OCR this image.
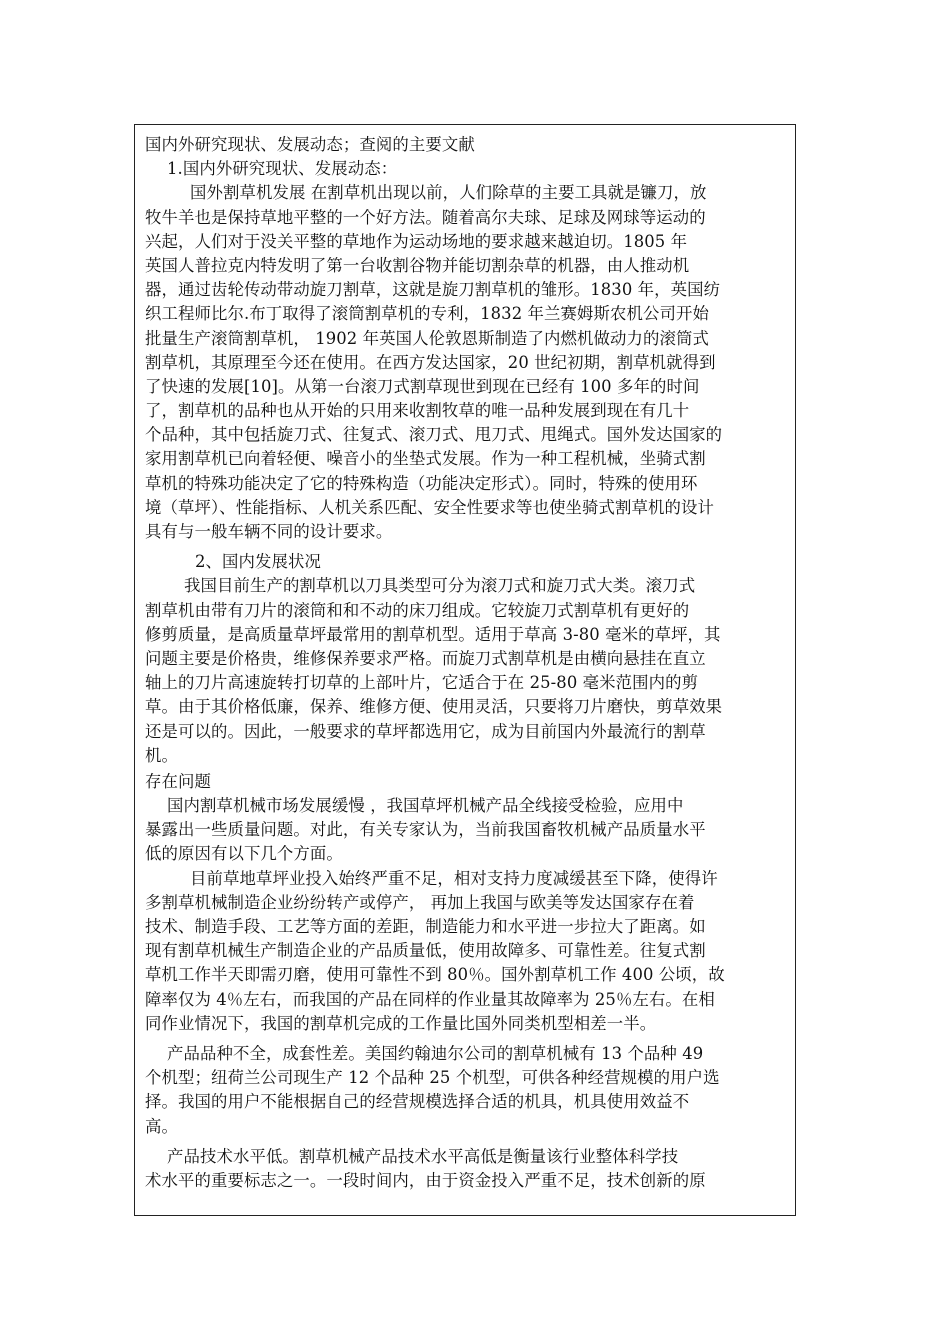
国内外研究现状、发展动态；查阅的主要文献
1.国内外研究现状、发展动态：
国外割草机发展 在割草机出现以前，人们除草的主要工具就是镰刀，放
牧牛羊也是保持草地平整的一个好方法。随着高尔夫球、足球及网球等运动的
兴起，人们对于没关平整的草地作为运动场地的要求越来越迫切。1805 年
英国人普拉克内特发明了第一台收割谷物并能切割杂草的机器，由人推动机
器，通过齿轮传动带动旋刀割草，这就是旋刀割草机的雏形。1830 年，英国纺
织工程师比尔.布丁取得了滚筒割草机的专利，1832 年兰赛姆斯农机公司开始
批量生产滚筒割草机， 1902 年英国人伦敦恩斯制造了内燃机做动力的滚筒式
割草机，其原理至今还在使用。在西方发达国家，20 世纪初期，割草机就得到
了快速的发展[10]。从第一台滚刀式割草现世到现在已经有 100 多年的时间
了，割草机的品种也从开始的只用来收割牧草的唯一品种发展到现在有几十
个品种，其中包括旋刀式、往复式、滚刀式、甩刀式、甩绳式。国外发达国家的
家用割草机已向着轻便、噪音小的坐垫式发展。作为一种工程机械，坐骑式割
草机的特殊功能决定了它的特殊构造（功能决定形式）。同时，特殊的使用环
境（草坪）、性能指标、人机关系匹配、安全性要求等也使坐骑式割草机的设计
具有与一般车辆不同的设计要求。
2、国内发展状况
我国目前生产的割草机以刀具类型可分为滚刀式和旋刀式大类。滚刀式
割草机由带有刀片的滚筒和和不动的床刀组成。它较旋刀式割草机有更好的
修剪质量，是高质量草坪最常用的割草机型。适用于草高 3-80 毫米的草坪，其
问题主要是价格贵，维修保养要求严格。而旋刀式割草机是由横向悬挂在直立
轴上的刀片高速旋转打切草的上部叶片，它适合于在 25-80 毫米范围内的剪
草。由于其价格低廉，保养、维修方便、使用灵活，只要将刀片磨快，剪草效果
还是可以的。因此，一般要求的草坪都选用它，成为目前国内外最流行的割草
机。
存在问题
国内割草机械市场发展缓慢 ，我国草坪机械产品全线接受检验，应用中
暴露出一些质量问题。对此，有关专家认为，当前我国畜牧机械产品质量水平
低的原因有以下几个方面。
目前草地草坪业投入始终严重不足，相对支持力度减缓甚至下降，使得许
多割草机械制造企业纷纷转产或停产， 再加上我国与欧美等发达国家存在着
技术、制造手段、工艺等方面的差距，制造能力和水平进一步拉大了距离。如
现有割草机械生产制造企业的产品质量低，使用故障多、可靠性差。往复式割
草机工作半天即需刃磨，使用可靠性不到 80％。国外割草机工作 400 公顷，故
障率仅为 4％左右，而我国的产品在同样的作业量其故障率为 25％左右。在相
同作业情况下，我国的割草机完成的工作量比国外同类机型相差一半。
产品品种不全，成套性差。美国约翰迪尔公司的割草机械有 13 个品种 49
个机型；纽荷兰公司现生产 12 个品种 25 个机型，可供各种经营规模的用户选
择。我国的用户不能根据自己的经营规模选择合适的机具，机具使用效益不
高。
产品技术水平低。割草机械产品技术水平高低是衡量该行业整体科学技
术水平的重要标志之一。一段时间内，由于资金投入严重不足，技术创新的原
